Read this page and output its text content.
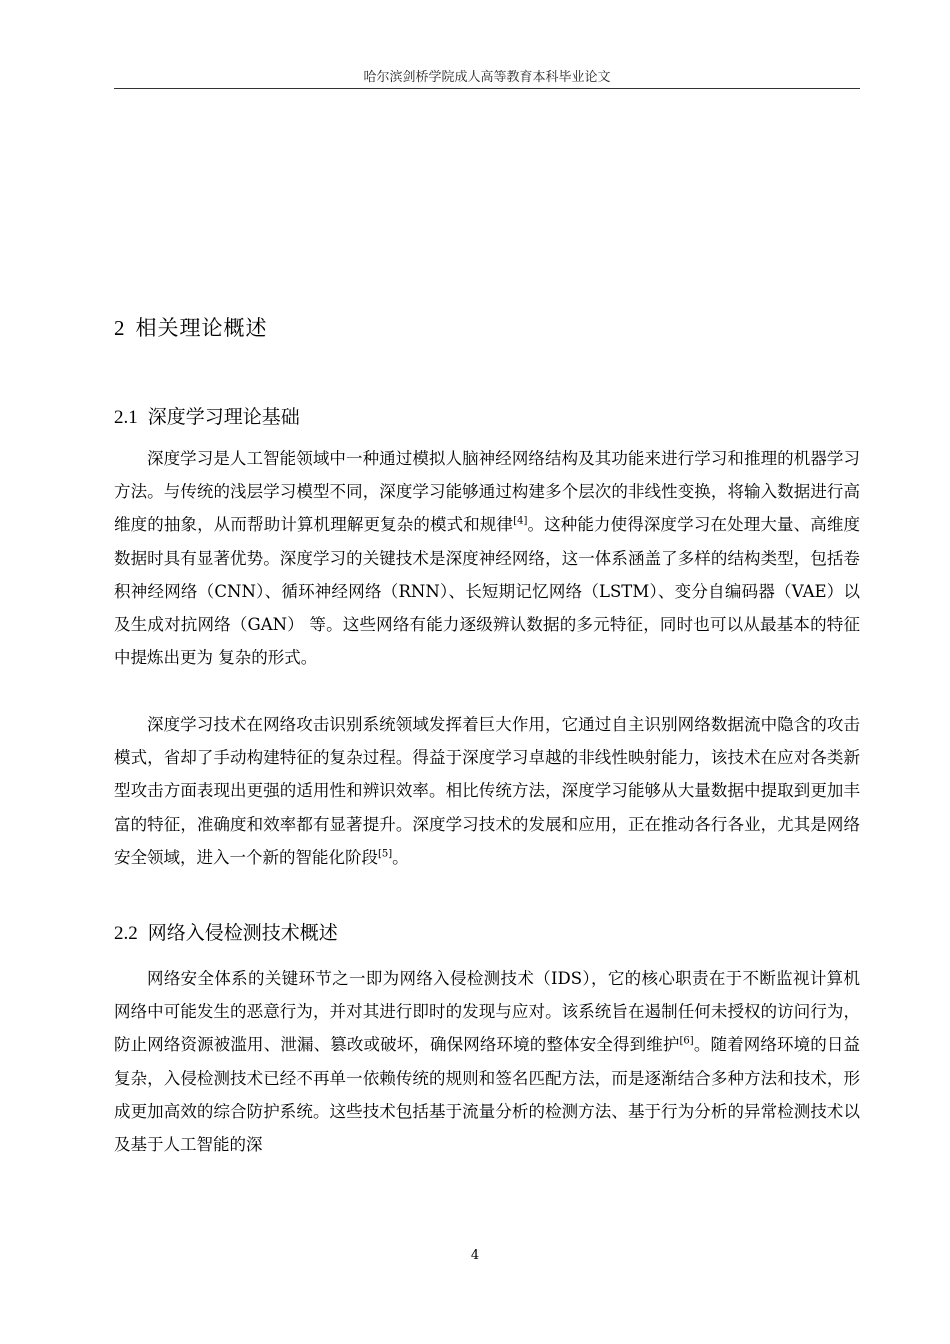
哈尔滨剑桥学院成人高等教育本科毕业论文
2 相关理论概述
2.1 深度学习理论基础
深度学习是人工智能领域中一种通过模拟人脑神经网络结构及其功能来进行学习和推理的机器学习方法。与传统的浅层学习模型不同，深度学习能够通过构建多个层次的非线性变换，将输入数据进行高维度的抽象，从而帮助计算机理解更复杂的模式和规律[4]。这种能力使得深度学习在处理大量、高维度数据时具有显著优势。深度学习的关键技术是深度神经网络，这一体系涵盖了多样的结构类型，包括卷积神经网络（CNN）、循环神经网络（RNN）、长短期记忆网络（LSTM）、变分自编码器（VAE）以及生成对抗网络（GAN） 等。这些网络有能力逐级辨认数据的多元特征，同时也可以从最基本的特征中提炼出更为 复杂的形式。
深度学习技术在网络攻击识别系统领域发挥着巨大作用，它通过自主识别网络数据流中隐含的攻击模式，省却了手动构建特征的复杂过程。得益于深度学习卓越的非线性映射能力，该技术在应对各类新型攻击方面表现出更强的适用性和辨识效率。相比传统方法，深度学习能够从大量数据中提取到更加丰富的特征，准确度和效率都有显著提升。深度学习技术的发展和应用，正在推动各行各业，尤其是网络安全领域，进入一个新的智能化阶段[5]。
2.2 网络入侵检测技术概述
网络安全体系的关键环节之一即为网络入侵检测技术（IDS），它的核心职责在于不断监视计算机网络中可能发生的恶意行为，并对其进行即时的发现与应对。该系统旨在遏制任何未授权的访问行为，防止网络资源被滥用、泄漏、篡改或破坏，确保网络环境的整体安全得到维护[6]。随着网络环境的日益复杂，入侵检测技术已经不再单一依赖传统的规则和签名匹配方法，而是逐渐结合多种方法和技术，形成更加高效的综合防护系统。这些技术包括基于流量分析的检测方法、基于行为分析的异常检测技术以及基于人工智能的深
4
